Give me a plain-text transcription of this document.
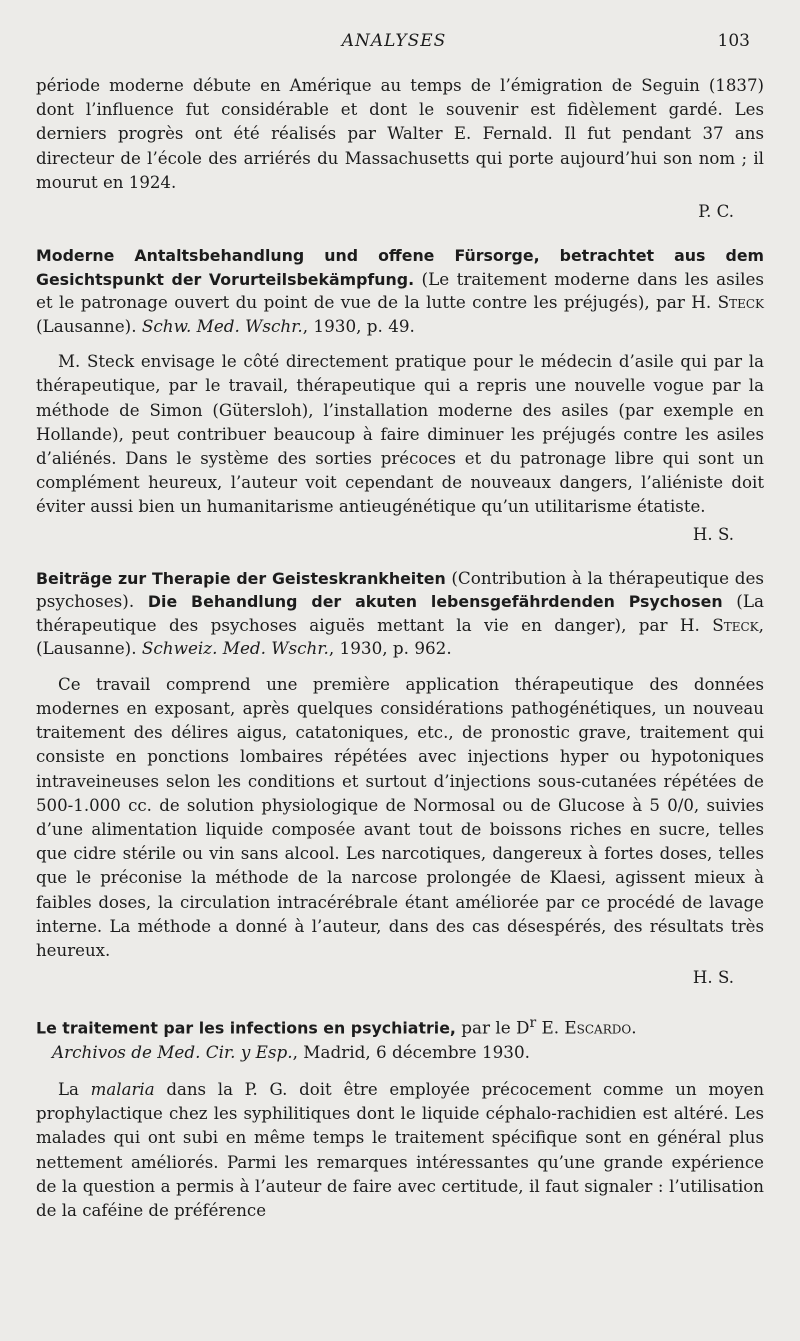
ANALYSES	103

période moderne débute en Amérique au temps de l’émigration de Seguin (1837) dont l’influence fut considérable et dont le souvenir est fidèlement gardé. Les derniers progrès ont été réalisés par Walter E. Fernald. Il fut pendant 37 ans directeur de l’école des arriérés du Massachusetts qui porte aujourd’hui son nom ; il mourut en 1924.

P. C.

Moderne Antaltsbehandlung und offene Fürsorge, betrachtet aus dem Gesichtspunkt der Vorurteilsbekämpfung. (Le traitement moderne dans les asiles et le patronage ouvert du point de vue de la lutte contre les préjugés), par H. Steck (Lausanne). Schw. Med. Wschr., 1930, p. 49.

M. Steck envisage le côté directement pratique pour le médecin d’asile qui par la thérapeutique, par le travail, thérapeutique qui a repris une nouvelle vogue par la méthode de Simon (Gütersloh), l’installation moderne des asiles (par exemple en Hollande), peut contribuer beaucoup à faire diminuer les préjugés contre les asiles d’aliénés. Dans le système des sorties précoces et du patronage libre qui sont un complément heureux, l’auteur voit cependant de nouveaux dangers, l’aliéniste doit éviter aussi bien un humanitarisme antieugénétique qu’un utilitarisme étatiste.

H. S.

Beiträge zur Therapie der Geisteskrankheiten (Contribution à la thérapeutique des psychoses). Die Behandlung der akuten lebensgefährdenden Psychosen (La thérapeutique des psychoses aiguës mettant la vie en danger), par H. Steck, (Lausanne). Schweiz. Med. Wschr., 1930, p. 962.

Ce travail comprend une première application thérapeutique des données modernes en exposant, après quelques considérations pathogénétiques, un nouveau traitement des délires aigus, catatoniques, etc., de pronostic grave, traitement qui consiste en ponctions lombaires répétées avec injections hyper ou hypotoniques intraveineuses selon les conditions et surtout d’injections sous-cutanées répétées de 500-1.000 cc. de solution physiologique de Normosal ou de Glucose à 5 0/0, suivies d’une alimentation liquide composée avant tout de boissons riches en sucre, telles que cidre stérile ou vin sans alcool. Les narcotiques, dangereux à fortes doses, telles que le préconise la méthode de la narcose prolongée de Klaesi, agissent mieux à faibles doses, la circulation intracérébrale étant améliorée par ce procédé de lavage interne. La méthode a donné à l’auteur, dans des cas désespérés, des résultats très heureux.

H. S.

Le traitement par les infections en psychiatrie, par le $D^r$ E. Escardo.
Archivos de Med. Cir. y Esp., Madrid, 6 décembre 1930.

La malaria dans la P. G. doit être employée précocement comme un moyen prophylactique chez les syphilitiques dont le liquide céphalo-rachidien est altéré. Les malades qui ont subi en même temps le traitement spécifique sont en général plus nettement améliorés. Parmi les remarques intéressantes qu’une grande expérience de la question a permis à l’auteur de faire avec certitude, il faut signaler : l’utilisation de la caféine de préférence
